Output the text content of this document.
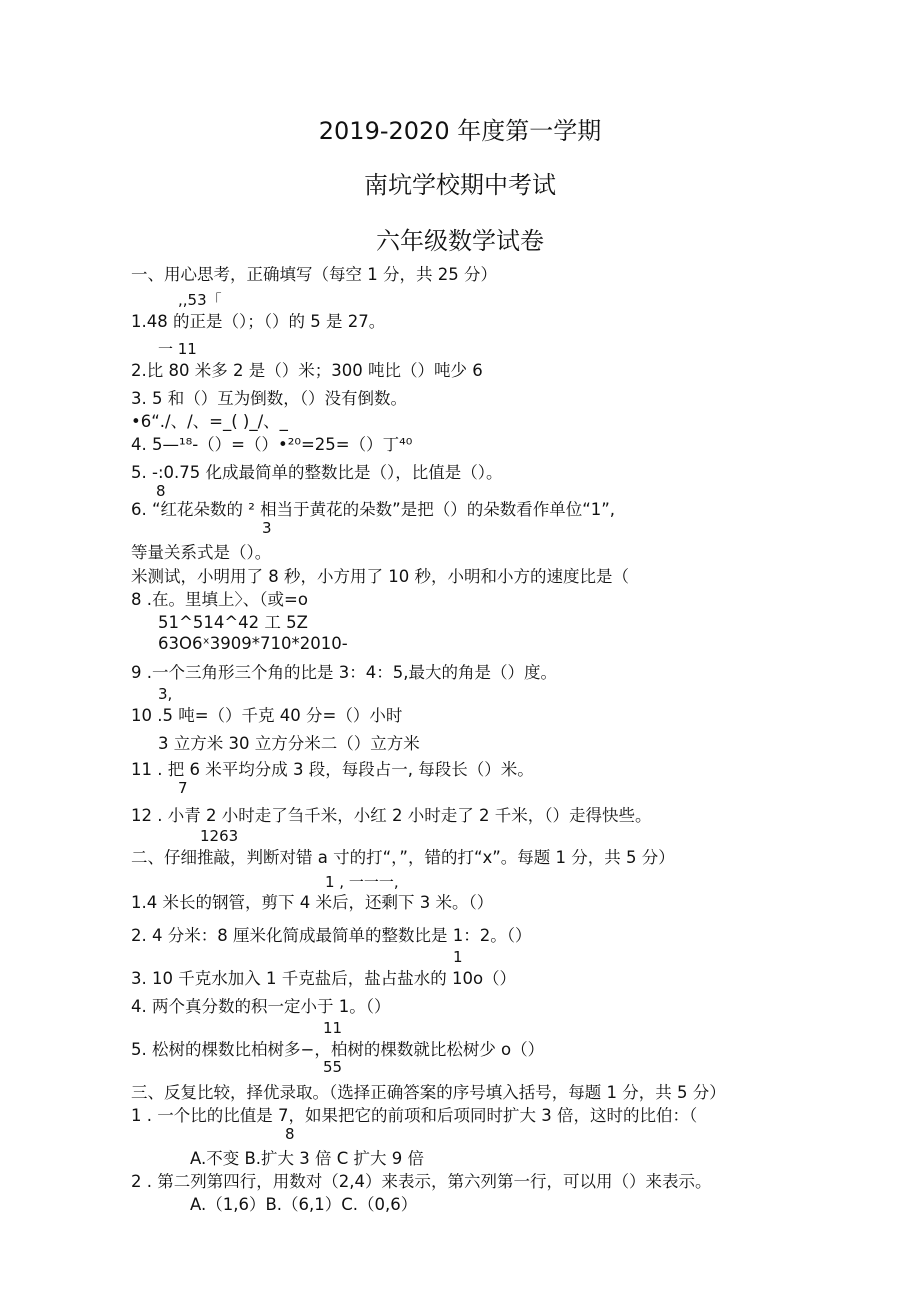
2019-2020 年度第一学期
南坑学校期中考试
六年级数学试卷
一、用心思考，正确填写（每空 1 分，共 25 分）
,,53「
1.48 的正是（）；（）的 5 是 27。
一 11
2.比 80 米多 2 是（）米；300 吨比（）吨少 6
3. 5 和（）互为倒数，（）没有倒数。
•6“./、/、=_( )_/、_
4. 5—¹⁸-（）=（）•²⁰=25=（）丁⁴⁰
5. -:0.75 化成最简单的整数比是（），比值是（）。
8
6. “红花朵数的 ² 相当于黄花的朵数”是把（）的朵数看作单位“1”,
3
等量关系式是（）。
米测试，小明用了 8 秒，小方用了 10 秒，小明和小方的速度比是（
8 .在。里填上〉、（或=o
51^514^42 工 5Z
63O6ˣ3909*710*2010-
9 .一个三角形三个角的比是 3：4：5,最大的角是（）度。
3,
10 .5 吨=（）千克 40 分=（）小时
3 立方米 30 立方分米二（）立方米
11 . 把 6 米平均分成 3 段，每段占一, 每段长（）米。
7
12 . 小青 2 小时走了刍千米，小红 2 小时走了 2 千米，（）走得快些。
1263
二、仔细推敲，判断对错 a 寸的打“，”，错的打“x”。每题 1 分，共 5 分）
1 , 一一一,
1.4 米长的钢管，剪下 4 米后，还剩下 3 米。（）
2. 4 分米：8 厘米化简成最简单的整数比是 1：2。（）
1
3. 10 千克水加入 1 千克盐后，盐占盐水的 10o（）
4. 两个真分数的积一定小于 1。（）
11
5. 松树的棵数比柏树多−，柏树的棵数就比松树少 o（）
55
三、反复比较，择优录取。（选择正确答案的序号填入括号，每题 1 分，共 5 分）
1 . 一个比的比值是 7，如果把它的前项和后项同时扩大 3 倍，这时的比伯：（
8
A.不变 B.扩大 3 倍 C 扩大 9 倍
2 . 第二列第四行，用数对（2,4）来表示，第六列第一行，可以用（）来表示。
A.（1,6）B.（6,1）C.（0,6）
